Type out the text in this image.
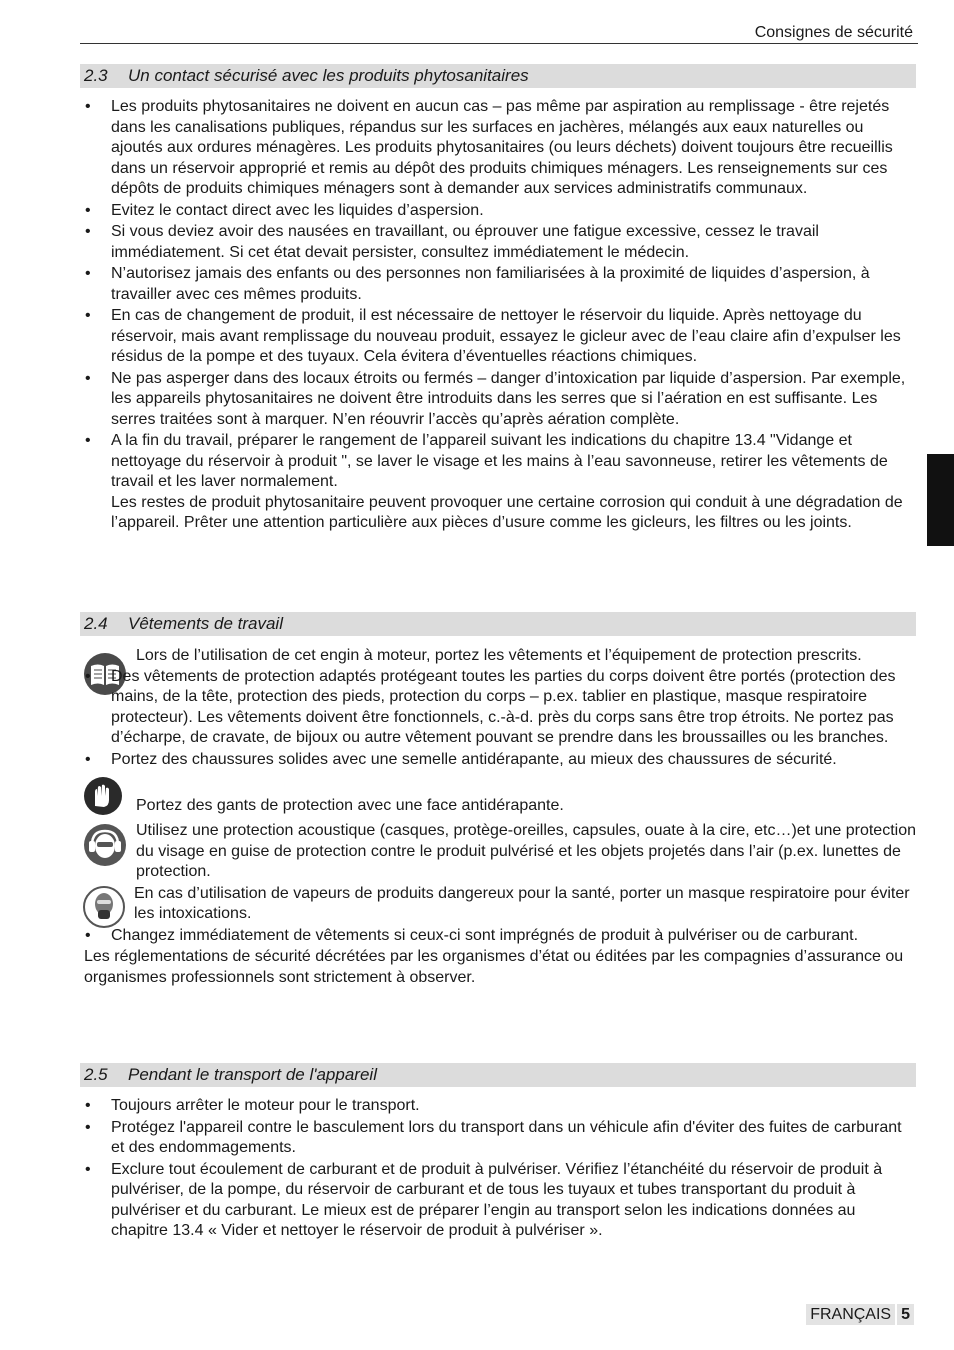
Consignes de sécurité
2.3 Un contact sécurisé avec les produits phytosanitaires
• Les produits phytosanitaires ne doivent en aucun cas – pas même par aspiration au remplissage - être rejetés dans les canalisations publiques, répandus sur les surfaces en jachères, mélangés aux eaux naturelles ou ajoutés aux ordures ménagères. Les produits phytosanitaires (ou leurs déchets) doivent toujours être recueillis dans un réservoir approprié et remis au dépôt des produits chimiques ménagers. Les renseignements sur ces dépôts de produits chimiques ménagers sont à demander aux services administratifs communaux.
• Evitez le contact direct avec les liquides d’aspersion.
• Si vous deviez avoir des nausées en travaillant, ou éprouver une fatigue excessive, cessez le travail immédiatement. Si cet état devait persister, consultez immédiatement le médecin.
• N’autorisez jamais des enfants ou des personnes non familiarisées à la proximité de liquides d’aspersion, à travailler avec ces mêmes produits.
• En cas de changement de produit, il est nécessaire de nettoyer le réservoir du liquide. Après nettoyage du réservoir, mais avant remplissage du nouveau produit, essayez le gicleur avec de l’eau claire afin d’expulser les résidus de la pompe et des tuyaux. Cela évitera d’éventuelles réactions chimiques.
• Ne pas asperger dans des locaux étroits ou fermés – danger d’intoxication par liquide d’aspersion. Par exemple, les appareils phytosanitaires ne doivent être introduits dans les serres que si l’aération en est suffisante. Les serres traitées sont à marquer. N’en réouvrir l’accès qu’après aération complète.
• A la fin du travail, préparer le rangement de l’appareil suivant les indications du chapitre 13.4 "Vidange et nettoyage du réservoir à produit ", se laver le visage et les mains à l’eau savonneuse, retirer les vêtements de travail et les laver normalement.
Les restes de produit phytosanitaire peuvent provoquer une certaine corrosion qui conduit à une dégradation de l’appareil. Prêter une attention particulière aux pièces d’usure comme les gicleurs, les filtres ou les joints.
2.4 Vêtements de travail
Lors de l’utilisation de cet engin à moteur, portez les vêtements et l’équipement de protection prescrits.
• Des vêtements de protection adaptés protégeant toutes les parties du corps doivent être portés (protection des mains, de la tête, protection des pieds, protection du corps – p.ex. tablier en plastique, masque respiratoire protecteur). Les vêtements doivent être fonctionnels, c.-à-d. près du corps sans être trop étroits. Ne portez pas d’écharpe, de cravate, de bijoux ou autre vêtement pouvant se prendre dans les broussailles ou les branches.
• Portez des chaussures solides avec une semelle antidérapante, au mieux des chaussures de sécurité.
Portez des gants de protection avec une face antidérapante.
Utilisez une protection acoustique (casques, protège-oreilles, capsules, ouate à la cire, etc…)et une protection du visage en guise de protection contre le produit pulvérisé et les objets projetés dans l’air (p.ex. lunettes de protection.
En cas d’utilisation de vapeurs de produits dangereux pour la santé, porter un masque respiratoire pour éviter les intoxications.
• Changez immédiatement de vêtements si ceux-ci sont imprégnés de produit à pulvériser ou de carburant.

Les réglementations de sécurité décrétées par les organismes d’état ou éditées par les compagnies d’assurance ou organismes professionnels sont strictement à observer.

2.5 Pendant le transport de l'appareil
• Toujours arrêter le moteur pour le transport.
• Protégez l'appareil contre le basculement lors du transport dans un véhicule afin d'éviter des fuites de carburant et des endommagements.
• Exclure tout écoulement de carburant et de produit à pulvériser. Vérifiez l’étanchéité du réservoir de produit à pulvériser, de la pompe, du réservoir de carburant et de tous les tuyaux et tubes transportant du produit à pulvériser et du carburant. Le mieux est de préparer l’engin au transport selon les indications données au chapitre 13.4 « Vider et nettoyer le réservoir de produit à pulvériser ».
FRANÇAIS 5
